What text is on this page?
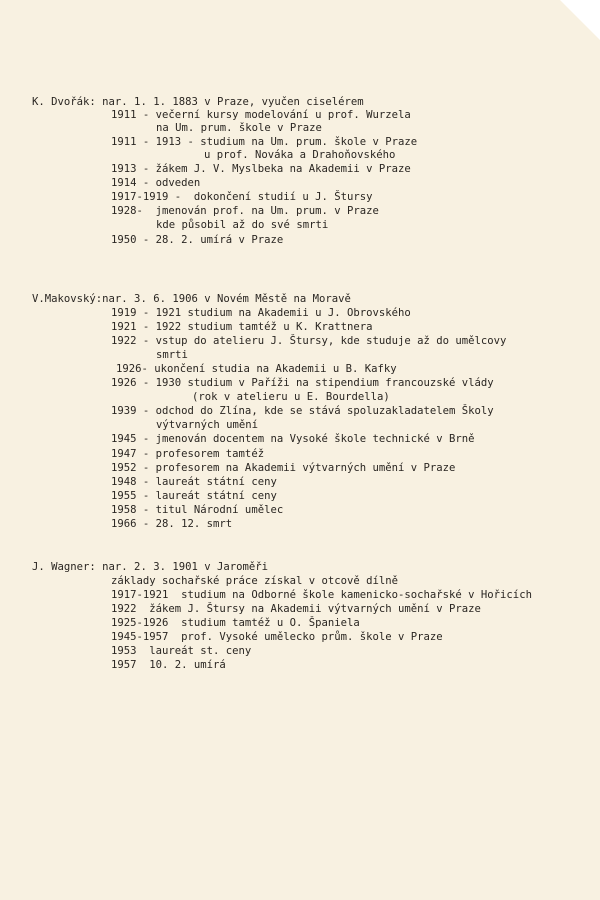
K. Dvořák: nar. 1. 1. 1883 v Praze, vyučen ciselérem
1911 - večerní kursy modelování u prof. Wurzela
na Um. prum. škole v Praze
1911 - 1913 - studium na Um. prum. škole v Praze
u prof. Nováka a Drahoňovského
1913 - žákem J. V. Myslbeka na Akademii v Praze
1914 - odveden
1917-1919 -  dokončení studií u J. Štursy
1928-  jmenován prof. na Um. prum. v Praze
kde působil až do své smrti
1950 - 28. 2. umírá v Praze
V.Makovský:nar. 3. 6. 1906 v Novém Městě na Moravě
1919 - 1921 studium na Akademii u J. Obrovského
1921 - 1922 studium tamtéž u K. Krattnera
1922 - vstup do atelieru J. Štursy, kde studuje až do umělcovy
smrti
1926- ukončení studia na Akademii u B. Kafky
1926 - 1930 studium v Paříži na stipendium francouzské vlády
(rok v atelieru u E. Bourdella)
1939 - odchod do Zlína, kde se stává spoluzakladatelem Školy
výtvarných umění
1945 - jmenován docentem na Vysoké škole technické v Brně
1947 - profesorem tamtéž
1952 - profesorem na Akademii výtvarných umění v Praze
1948 - laureát státní ceny
1955 - laureát státní ceny
1958 - titul Národní umělec
1966 - 28. 12. smrt
J. Wagner: nar. 2. 3. 1901 v Jaroměři
základy sochařské práce získal v otcově dílně
1917-1921  studium na Odborné škole kamenicko-sochařské v Hořicích
1922  žákem J. Štursy na Akademii výtvarných umění v Praze
1925-1926  studium tamtéž u O. Španiela
1945-1957  prof. Vysoké umělecko prům. škole v Praze
1953  laureát st. ceny
1957  10. 2. umírá
